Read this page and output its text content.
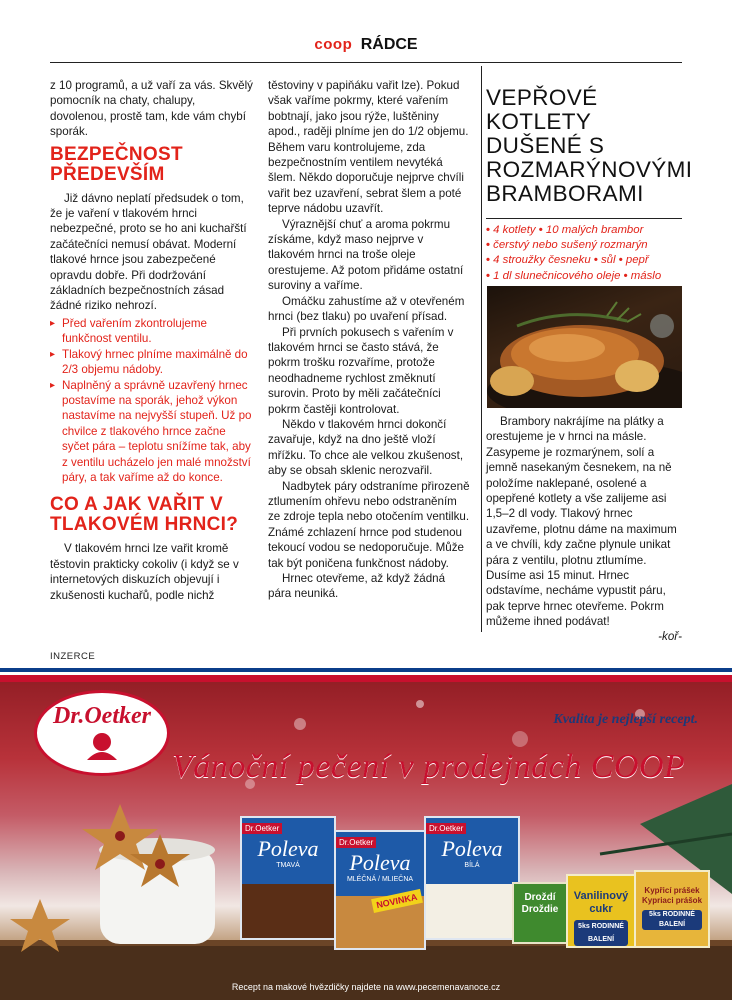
coop RÁDCE

z 10 programů, a už vaří za vás. Skvělý pomocník na chaty, chalupy, dovolenou, prostě tam, kde vám chybí sporák.

BEZPEČNOST PŘEDEVŠÍM

Již dávno neplatí předsudek o tom, že je vaření v tlakovém hrnci nebezpečné, proto se ho ani kuchařští začátečníci nemusí obávat. Moderní tlakové hrnce jsou zabezpečené opravdu dobře. Při dodržování základních bezpečnostních zásad žádné riziko nehrozí.

▸ Před vařením zkontrolujeme funkčnost ventilu.
▸ Tlakový hrnec plníme maximálně do 2/3 objemu nádoby.
▸ Naplněný a správně uzavřený hrnec postavíme na sporák, jehož výkon nastavíme na nejvyšší stupeň. Už po chvilce z tlakového hrnce začne syčet pára – teplotu snížíme tak, aby z ventilu ucházelo jen malé množství páry, a tak vaříme až do konce.
CO A JAK VAŘIT V TLAKOVÉM HRNCI?

V tlakovém hrnci lze vařit kromě těstovin prakticky cokoliv (i když se v internetových diskuzích objevují i zkušenosti kuchařů, podle nichž

těstoviny v papiňáku vařit lze). Pokud však vaříme pokrmy, které vařením bobtnají, jako jsou rýže, luštěniny apod., raději plníme jen do 1/2 objemu. Během varu kontrolujeme, zda bezpečnostním ventilem nevytéká šlem. Někdo doporučuje nejprve chvíli vařit bez uzavření, sebrat šlem a poté teprve nádobu uzavřít.

Výraznější chuť a aroma pokrmu získáme, když maso nejprve v tlakovém hrnci na troše oleje orestujeme. Až potom přidáme ostatní suroviny a vaříme.

Omáčku zahustíme až v otevřeném hrnci (bez tlaku) po uvaření přísad.

Při prvních pokusech s vařením v tlakovém hrnci se často stává, že pokrm trošku rozvaříme, protože neodhadneme rychlost změknutí surovin. Proto by měli začátečníci pokrm častěji kontrolovat.

Někdo v tlakovém hrnci dokončí zavařuje, když na dno ještě vloží mřížku. To chce ale velkou zkušenost, aby se obsah sklenic nerozvařil.

Nadbytek páry odstraníme přirozeně ztlumením ohřevu nebo odstraněním ze zdroje tepla nebo otočením ventilku. Známé zchlazení hrnce pod studenou tekoucí vodou se nedoporučuje. Může tak být poničena funkčnost nádoby.

Hrnec otevřeme, až když žádná pára neuniká.

VEPŘOVÉ KOTLETY DUŠENÉ S ROZMARÝNOVÝMI BRAMBORAMI
• 4 kotlety • 10 malých brambor
• čerstvý nebo sušený rozmarýn
• 4 stroužky česneku • sůl • pepř
• 1 dl slunečnicového oleje • máslo

Brambory nakrájíme na plátky a orestujeme je v hrnci na másle. Zasypeme je rozmarýnem, solí a jemně nasekaným česnekem, na ně položíme naklepané, osolené a opepřené kotlety a vše zalijeme asi 1,5–2 dl vody. Tlakový hrnec uzavřeme, plotnu dáme na maximum a ve chvíli, kdy začne plynule unikat pára z ventilu, plotnu ztlumíme. Dusíme asi 15 minut. Hrnec odstavíme, necháme vypustit páru, pak teprve hrnec otevřeme. Pokrm můžeme ihned podávat!

-koř-
INZERCE
Dr.Oetker	Kvalita je nejlepší recept.
Vánoční pečení v prodejnách COOP
Dr.Oetker
Poleva
TMAVÁ
Dr.Oetker
Poleva
MLÉČNÁ / MLIEČNA
NOVINKA
Dr.Oetker
Poleva
BÍLÁ
Droždí Droždie
Vanilinový cukr
5ks RODINNÉ BALENÍ
Kypřicí prášek Kypriaci prášok
5ks RODINNÉ BALENÍ
Recept na makové hvězdičky najdete na www.pecemenavanoce.cz
